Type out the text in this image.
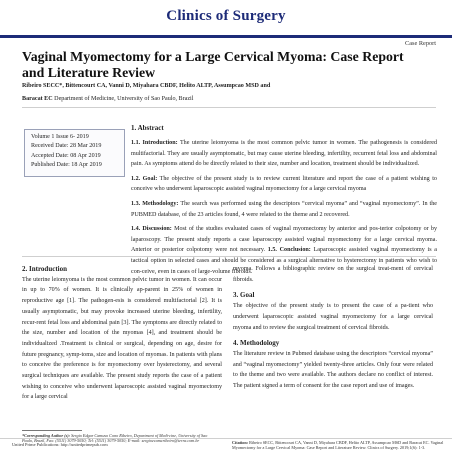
Clinics of Surgery
Case Report
Vaginal Myomectomy for a Large Cervical Myoma: Case Report and Literature Review
Ribeiro SECC*, Bittencourt CA, Vanni D, Miyahara CBDF, Helito ALTP, Assumpcao MSD and
Baracat EC Department of Medicine, University of Sao Paulo, Brazil
Volume 1 Issue 6- 2019
Received Date: 28 Mar 2019
Accepted Date: 08 Apr 2019
Published Date: 18 Apr 2019
1. Abstract

1.1. Introduction: The uterine leiomyoma is the most common pelvic tumor in women. The pathogenesis is considered multifactorial. They are usually asymptomatic, but may cause uterine bleeding, infertility, recurrent fetal loss and abdominal pain. As symptoms attend do be directly related to their size, number and location, treatment should be individualized.

1.2. Goal: The objective of the present study is to review current literature and report the case of a patient wishing to conceive who underwent laparoscopic assisted vaginal myomectomy for a large cervical myoma

1.3. Methodology: The search was performed using the descriptors “cervical myoma” and “vaginal myomectomy”. In the PUBMED database, of the 23 articles found, 4 were related to the theme and 2 recovered.

1.4. Discussion: Most of the studies evaluated cases of vaginal myomectomy by anterior and pos-terior colpotomy or by laparoscopy. The present study reports a case laparoscopy assisted vaginal myomectomy for a large cervical myoma. Anterior or posterior colpotomy were not necessary. 1.5. Conclusion: Laparoscopic assisted vaginal myomectomy is a tactical option in selected cases and should be considered as a surgical alternative to hysterectomy in patients who wish to con-ceive, even in cases of large-volume fibroids.

2. Introduction

The uterine leiomyoma is the most common pelvic tumor in women. It can occur in up to 70% of women. It is clinically ap-parent in 25% of women in reproductive age [1]. The pathogen-esis is considered multifactorial [2]. It is usually asymptomatic, but may provoke increased uterine bleeding, infertility, recur-rent fetal loss and abdominal pain [3]. The symptoms are directly related to the size, number and location of the myomas [4], and treatment should be individualized .Treatment is clinical or surgical, depending on age, desire for future pregnancy, symp-toms, size and location of myomas. In patients with plans to conceive the preference is for myomectomy over hysterectomy, and several surgical techniques are available. The present study reports the case of a patient wishing to conceive who underwent laparoscopic assisted vaginal myomectomy for a large cervical

myoma. Follows a bibliographic review on the surgical treat-ment of cervical fibroids.

3. Goal

The objective of the present study is to present the case of a pa-tient who underwent laparoscopic assisted vaginal myomectomy for a large cervical myoma and to review the surgical treatment of cervical fibroids.

4. Methodology

The literature review in Pubmed database using the descriptors “cervical myoma” and “vaginal myomectomy” yielded twenty-three articles. Only four were related to the theme and two were available. The authors declare no conflict of interest. The patient signed a term of consent for the case report and use of images.

*Corresponding Author (s): Sergio Edgar Camuso Cono Ribeiro, Department of Medi-cine, University of Sao Paulo, Brazil, Fax: (5511) 3079-5050; Tel: (5511) 3079-5050; E-mail: sergioecamcribeiro@terra.com.br
United Prime Publications: http://unitedprimepub.com	Citation: Ribeiro SECC, Bittencourt CA, Vanni D, Miyahara CBDF, Helito ALTP, Assumpcao MSD and Baracat EC. Vaginal Myomectomy for a Large Cervical Myoma: Case Report and Literature Review. Clinics of Surgery. 2019;1(6): 1-3.
